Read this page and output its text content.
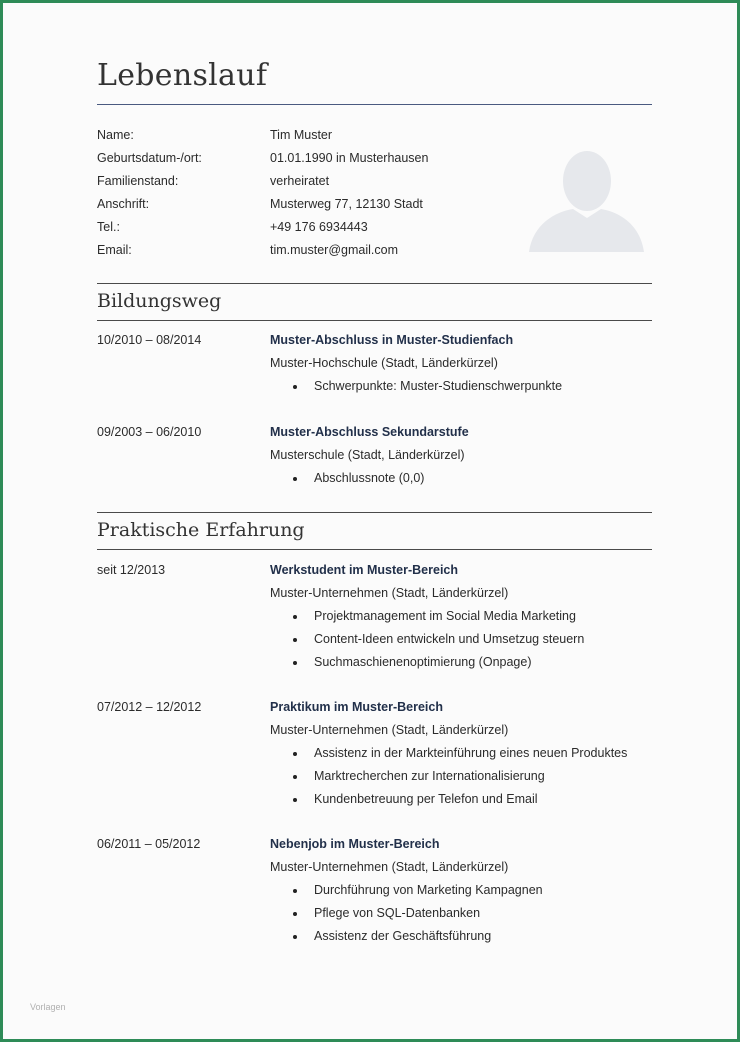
Lebenslauf
Name:	Tim Muster
Geburtsdatum-/ort:	01.01.1990 in Musterhausen
Familienstand:	verheiratet
Anschrift:	Musterweg 77, 12130 Stadt
Tel.:	+49 176 6934443
Email:	tim.muster@gmail.com
Bildungsweg
10/2010 – 08/2014	Muster-Abschluss in Muster-Studienfach
Muster-Hochschule (Stadt, Länderkürzel)
Schwerpunkte: Muster-Studienschwerpunkte
09/2003 – 06/2010	Muster-Abschluss Sekundarstufe
Musterschule (Stadt, Länderkürzel)
Abschlussnote (0,0)
Praktische Erfahrung
seit 12/2013	Werkstudent im Muster-Bereich
Muster-Unternehmen (Stadt, Länderkürzel)
Projektmanagement im Social Media Marketing
Content-Ideen entwickeln und Umsetzug steuern
Suchmaschienenoptimierung (Onpage)
07/2012 – 12/2012	Praktikum im Muster-Bereich
Muster-Unternehmen (Stadt, Länderkürzel)
Assistenz in der Markteinführung eines neuen Produktes
Marktrecherchen zur Internationalisierung
Kundenbetreuung per Telefon und Email
06/2011 – 05/2012	Nebenjob im Muster-Bereich
Muster-Unternehmen (Stadt, Länderkürzel)
Durchführung von Marketing Kampagnen
Pflege von SQL-Datenbanken
Assistenz der Geschäftsführung
Vorlagen
